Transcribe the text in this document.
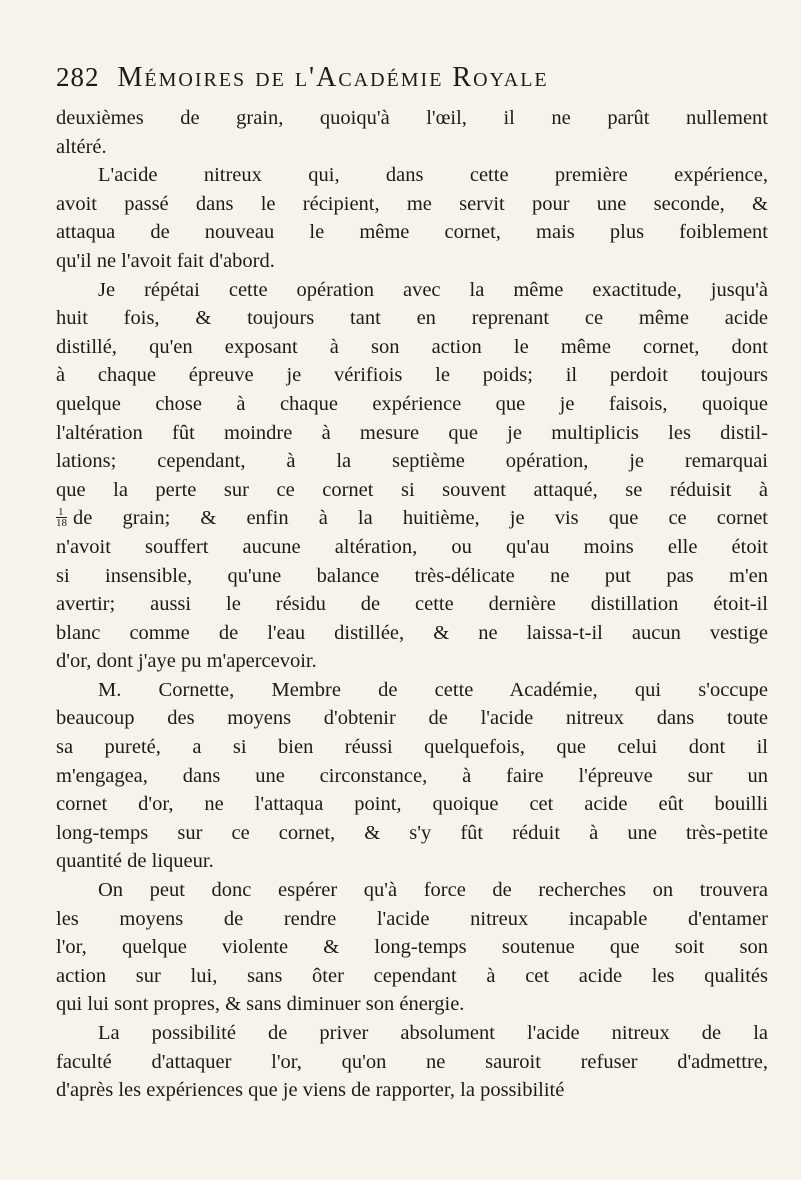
282 Mémoires de l'Académie Royale
deuxièmes de grain, quoiqu'à l'œil, il ne parût nullement
altéré.
L'acide nitreux qui, dans cette première expérience,
avoit passé dans le récipient, me servit pour une seconde, &
attaqua de nouveau le même cornet, mais plus foiblement
qu'il ne l'avoit fait d'abord.
Je répétai cette opération avec la même exactitude, jusqu'à
huit fois, & toujours tant en reprenant ce même acide
distillé, qu'en exposant à son action le même cornet, dont
à chaque épreuve je vérifiois le poids; il perdoit toujours
quelque chose à chaque expérience que je faisois, quoique
l'altération fût moindre à mesure que je multiplicis les distil-
lations; cependant, à la septième opération, je remarquai
que la perte sur ce cornet si souvent attaqué, se réduisit à
$\frac{1}{18}$ de grain; & enfin à la huitième, je vis que ce cornet
n'avoit souffert aucune altération, ou qu'au moins elle étoit
si insensible, qu'une balance très-délicate ne put pas m'en
avertir; aussi le résidu de cette dernière distillation étoit-il
blanc comme de l'eau distillée, & ne laissa-t-il aucun vestige
d'or, dont j'aye pu m'apercevoir.
M. Cornette, Membre de cette Académie, qui s'occupe
beaucoup des moyens d'obtenir de l'acide nitreux dans toute
sa pureté, a si bien réussi quelquefois, que celui dont il
m'engagea, dans une circonstance, à faire l'épreuve sur un
cornet d'or, ne l'attaqua point, quoique cet acide eût bouilli
long-temps sur ce cornet, & s'y fût réduit à une très-petite
quantité de liqueur.
On peut donc espérer qu'à force de recherches on trouvera
les moyens de rendre l'acide nitreux incapable d'entamer
l'or, quelque violente & long-temps soutenue que soit son
action sur lui, sans ôter cependant à cet acide les qualités
qui lui sont propres, & sans diminuer son énergie.
La possibilité de priver absolument l'acide nitreux de la
faculté d'attaquer l'or, qu'on ne sauroit refuser d'admettre,
d'après les expériences que je viens de rapporter, la possibilité
